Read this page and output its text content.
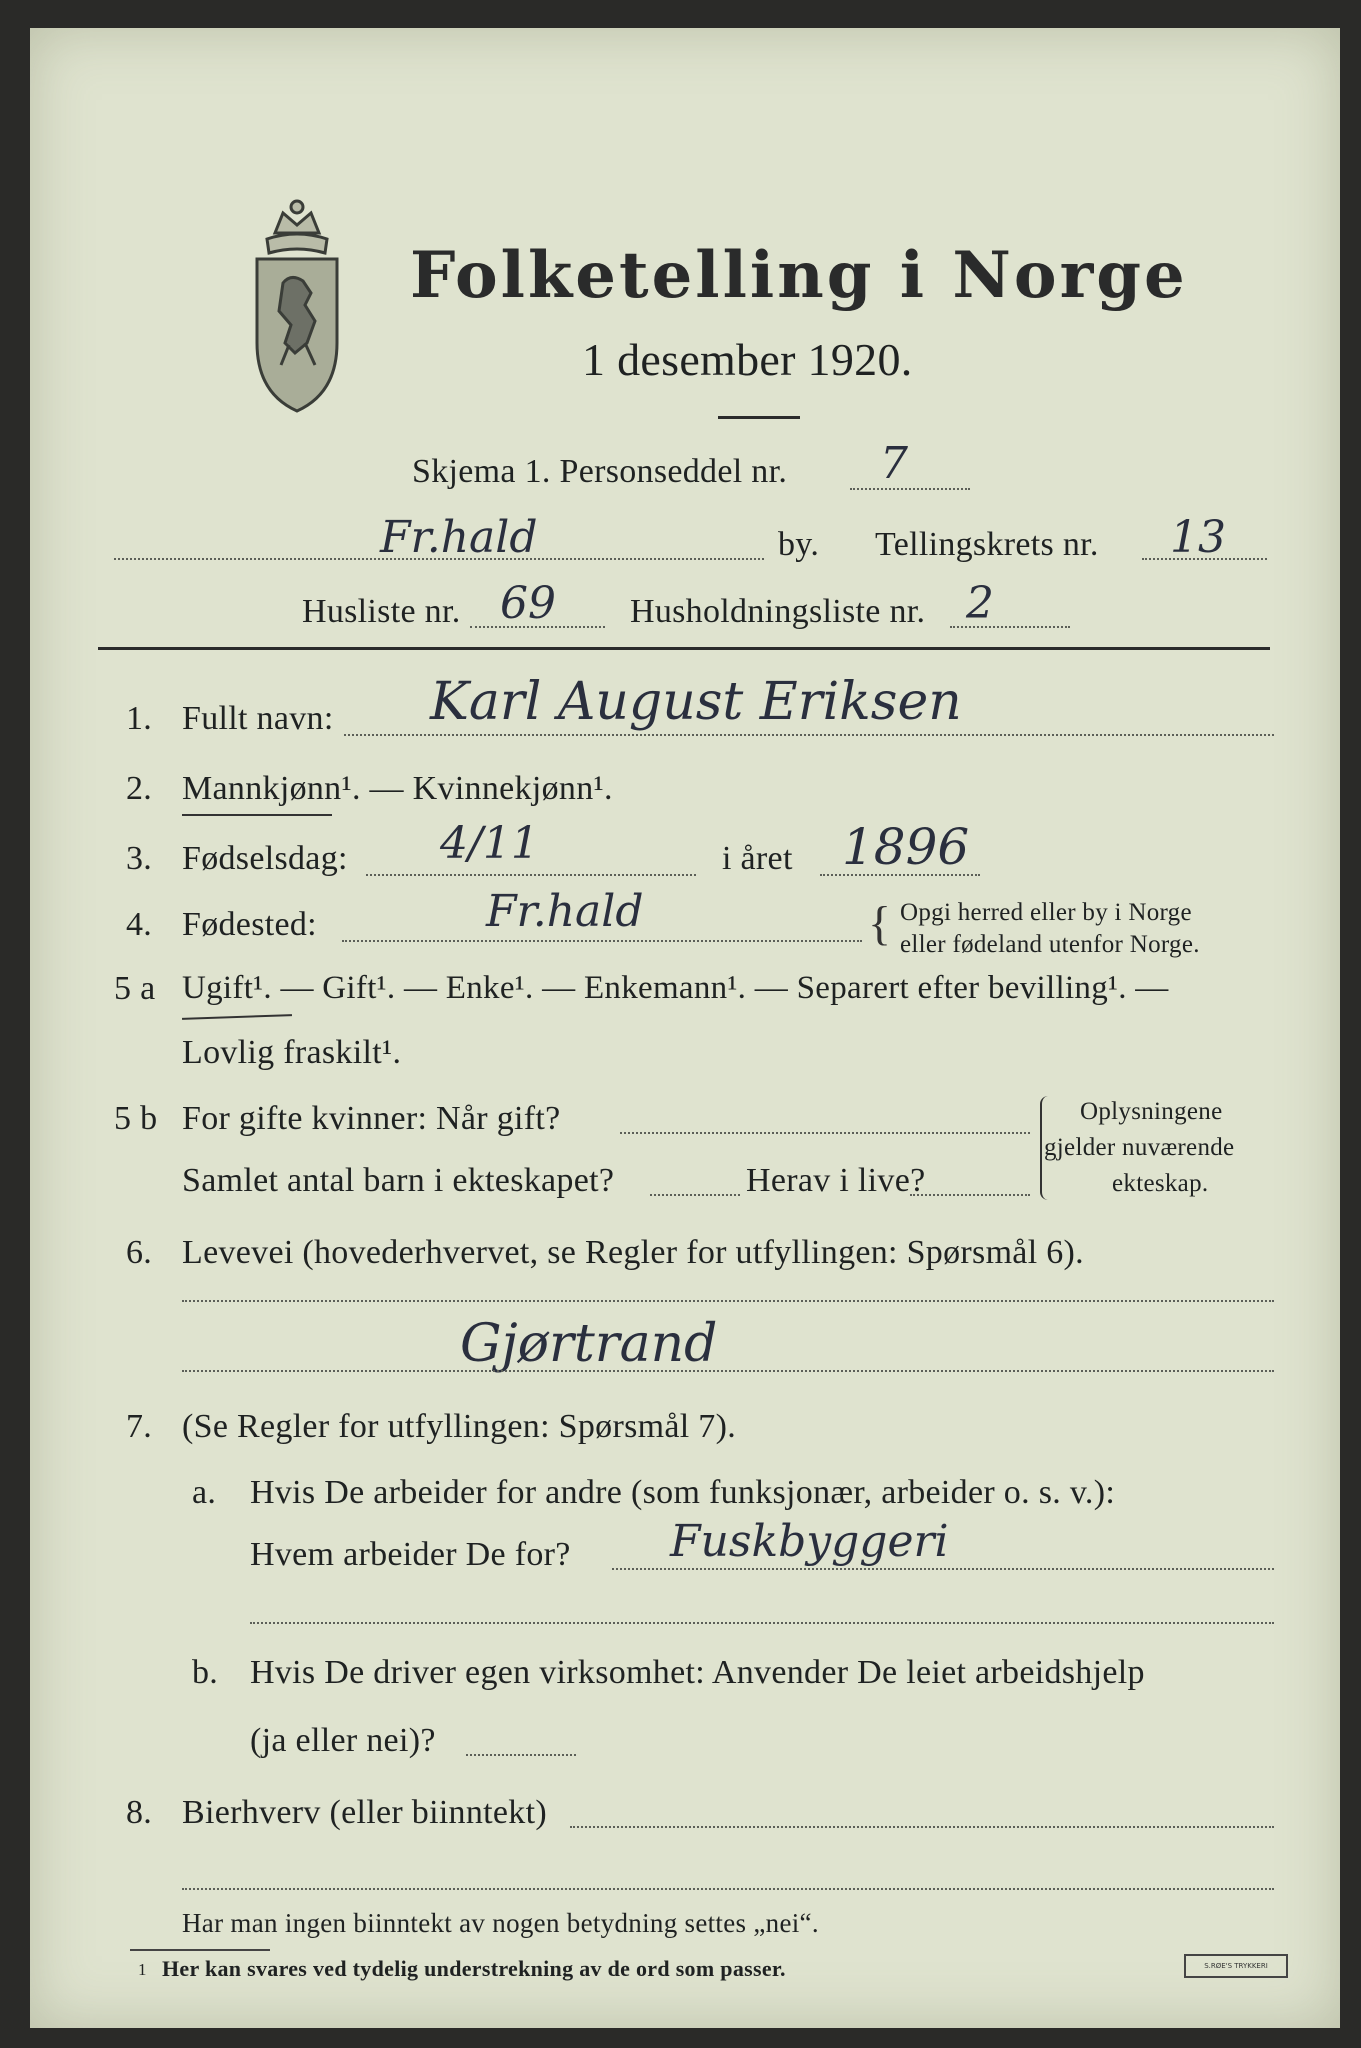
Folketelling i Norge
1 desember 1920.
Skjema 1. Personseddel nr. 7
Fr.hald	by. Tellingskrets nr. 13
Husliste nr. 69 Husholdningsliste nr. 2
1. Fullt navn: Karl August Eriksen
2. Mannkjønn¹. — Kvinnekjønn¹.
3. Fødselsdag: 4/11	i året 1896
4. Fødested:	Fr.hald	{ Opgi herred eller by i Norge
eller fødeland utenfor Norge.
5 a Ugift¹. — Gift¹. — Enke¹. — Enkemann¹. — Separert efter bevilling¹. —
Lovlig fraskilt¹.
5 b For gifte kvinner: Når gift?
Samlet antal barn i ekteskapet?	Herav i live?
Oplysningene
gjelder nuværende
ekteskap.
6. Levevei (hovederhvervet, se Regler for utfyllingen: Spørsmål 6).
Gjørtrand
7. (Se Regler for utfyllingen: Spørsmål 7).
a. Hvis De arbeider for andre (som funksjonær, arbeider o. s. v.):
Hvem arbeider De for? Fuskbyggeri
b. Hvis De driver egen virksomhet: Anvender De leiet arbeidshjelp
(ja eller nei)?
8. Bierhverv (eller biinntekt)
Har man ingen biinntekt av nogen betydning settes „nei“.
1 Her kan svares ved tydelig understrekning av de ord som passer.	S.RØE'S TRYKKERI
